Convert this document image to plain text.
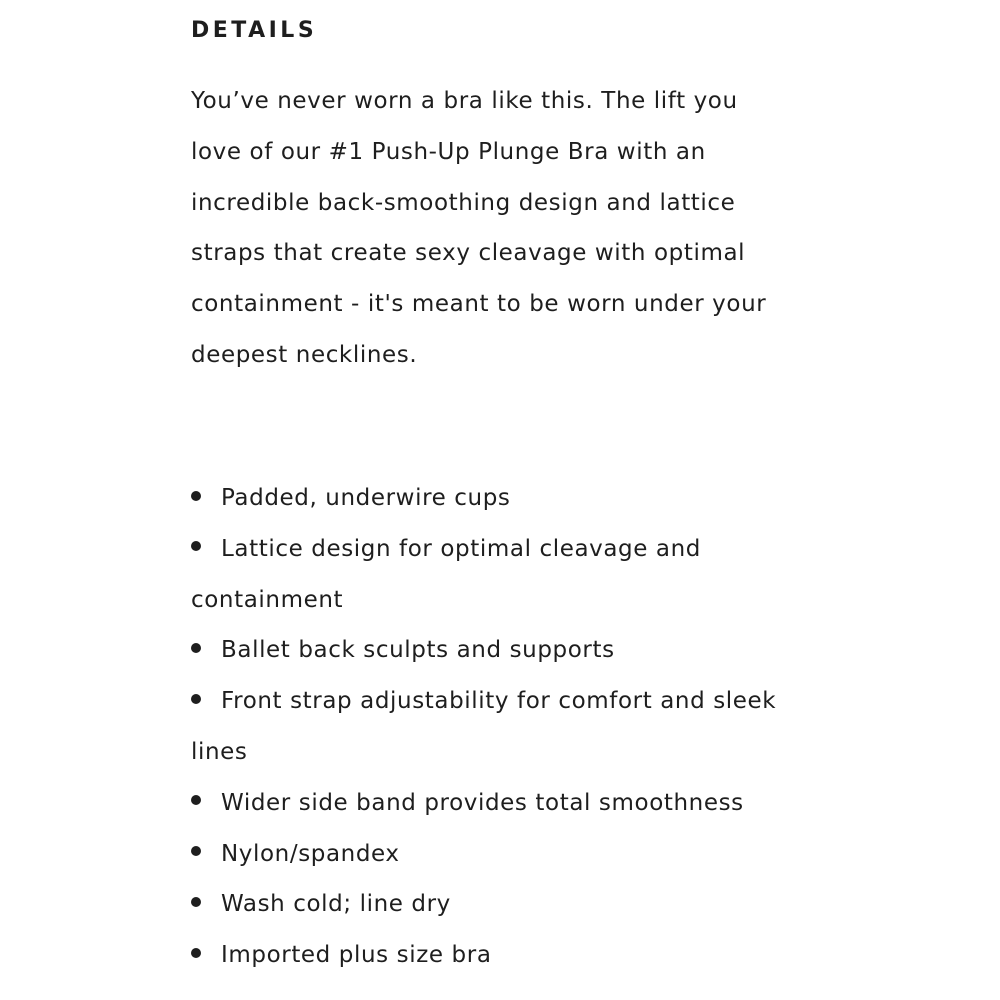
DETAILS

You’ve never worn a bra like this. The lift you love of our #1 Push-Up Plunge Bra with an incredible back-smoothing design and lattice straps that create sexy cleavage with optimal containment - it's meant to be worn under your deepest necklines.

Padded, underwire cups
Lattice design for optimal cleavage and containment
Ballet back sculpts and supports
Front strap adjustability for comfort and sleek lines
Wider side band provides total smoothness
Nylon/spandex
Wash cold; line dry
Imported plus size bra
